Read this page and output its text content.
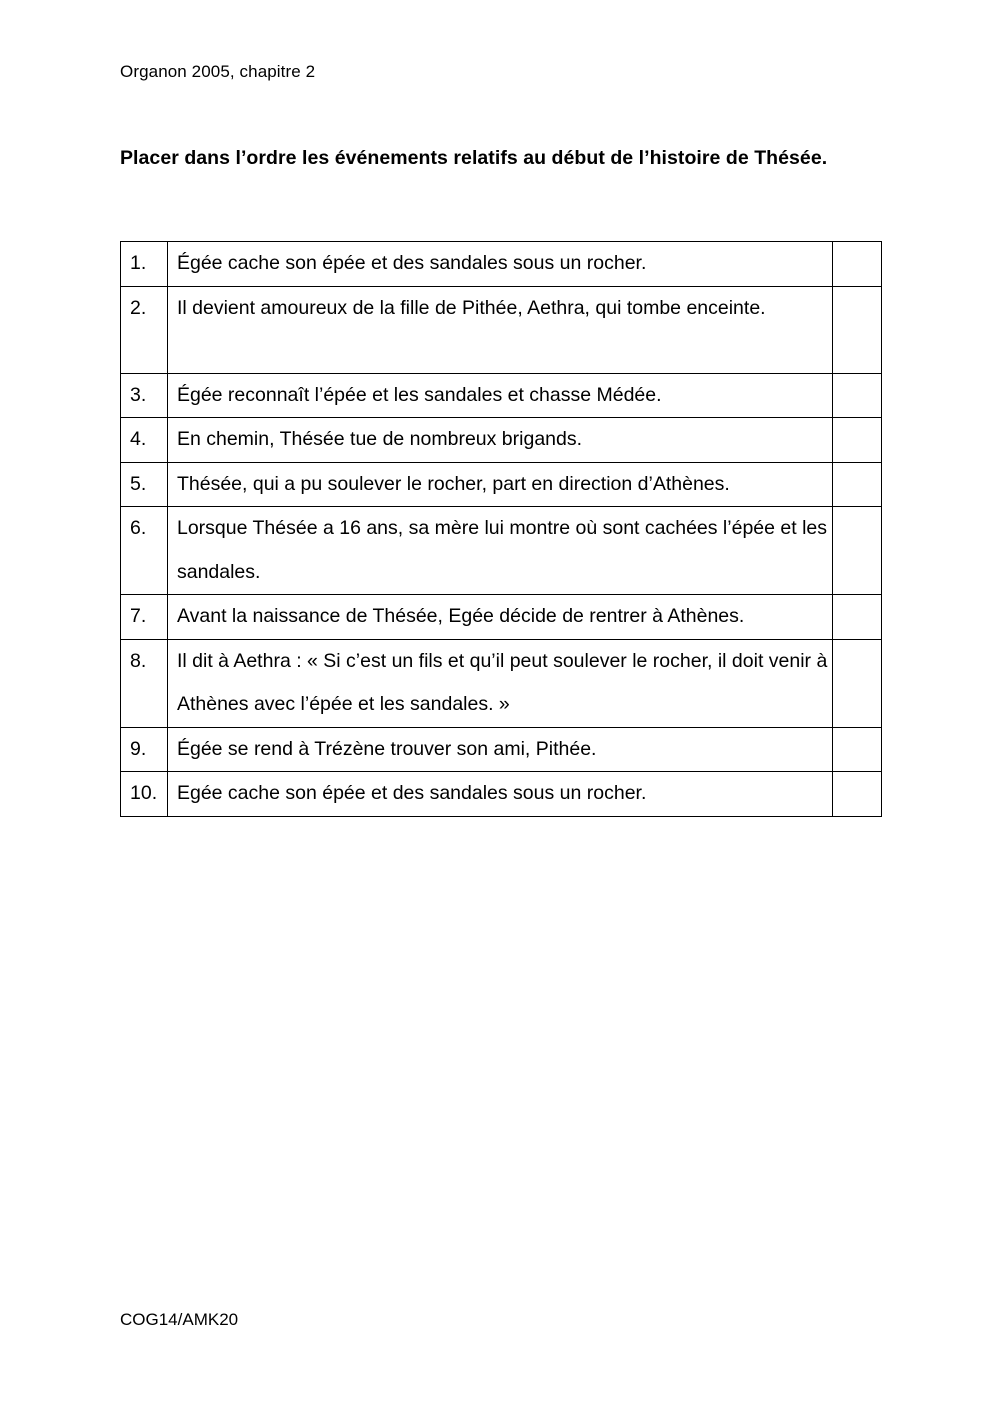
Organon 2005, chapitre 2
Placer dans l’ordre les événements relatifs au début de l’histoire de Thésée.
1.	Égée cache son épée et des sandales sous un rocher.	
2.	Il devient amoureux de la fille de Pithée, Aethra, qui tombe enceinte.	
3.	Égée reconnaît l’épée et les sandales et chasse Médée.	
4.	En chemin, Thésée tue de nombreux brigands.	
5.	Thésée, qui a pu soulever le rocher, part en direction d’Athènes.	
6.	Lorsque Thésée a 16 ans, sa mère lui montre où sont cachées l’épée et les sandales.	
7.	Avant la naissance de Thésée, Egée décide de rentrer à Athènes.	
8.	Il dit à Aethra : « Si c’est un fils et qu’il peut soulever le rocher, il doit venir à Athènes avec l’épée et les sandales. »	
9.	Égée se rend à Trézène trouver son ami, Pithée.	
10.	Egée cache son épée et des sandales sous un rocher.	
COG14/AMK20
